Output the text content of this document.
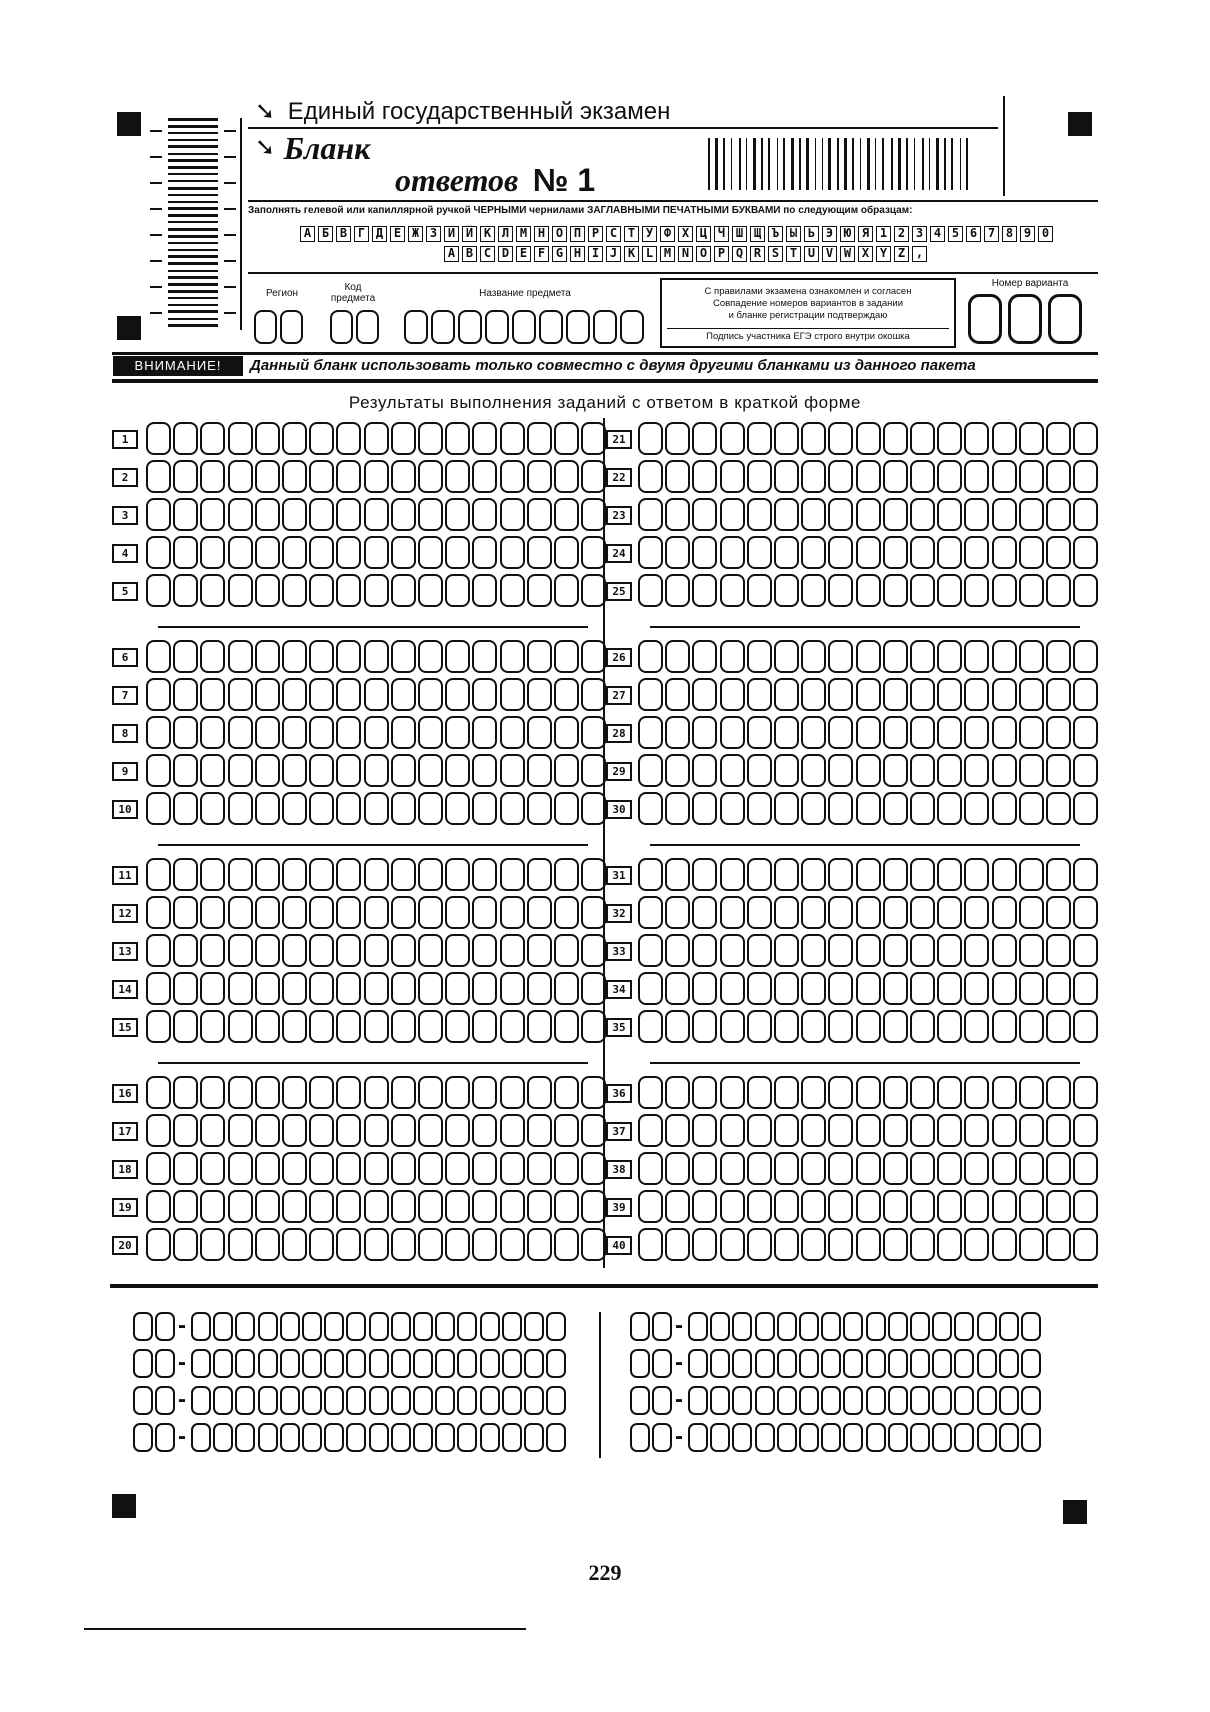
➘ Единый государственный экзамен
➘ Бланк
ответов № 1
Заполнять гелевой или капиллярной ручкой ЧЕРНЫМИ чернилами ЗАГЛАВНЫМИ ПЕЧАТНЫМИ БУКВАМИ по следующим образцам:
А Б В Г Д Е Ж З И Й К Л М Н О П Р С Т У Ф Х Ц Ч Ш Щ Ъ Ы Ь Э Ю Я 1 2 3 4 5 6 7 8 9 0
A B C D E F G H I J K L M N O P Q R S T U V W X Y Z ,
Регион
Код предмета	Название предмета	С правилами экзамена ознакомлен и согласен
Совпадение номеров вариантов в задании
и бланке регистрации подтверждаю
Подпись участника ЕГЭ строго внутри окошка
Номер варианта
ВНИМАНИЕ!	Данный бланк использовать только совместно с двумя другими бланками из данного пакета
Результаты выполнения заданий с ответом в краткой форме
1
2
3
4
5
6
7
8
9
10
11
12
13
14
15
16
17
18
19
20
21
22
23
24
25
26
27
28
29
30
31
32
33
34
35
36
37
38
39
40
-
-
-
-
-
-
-
-
229
